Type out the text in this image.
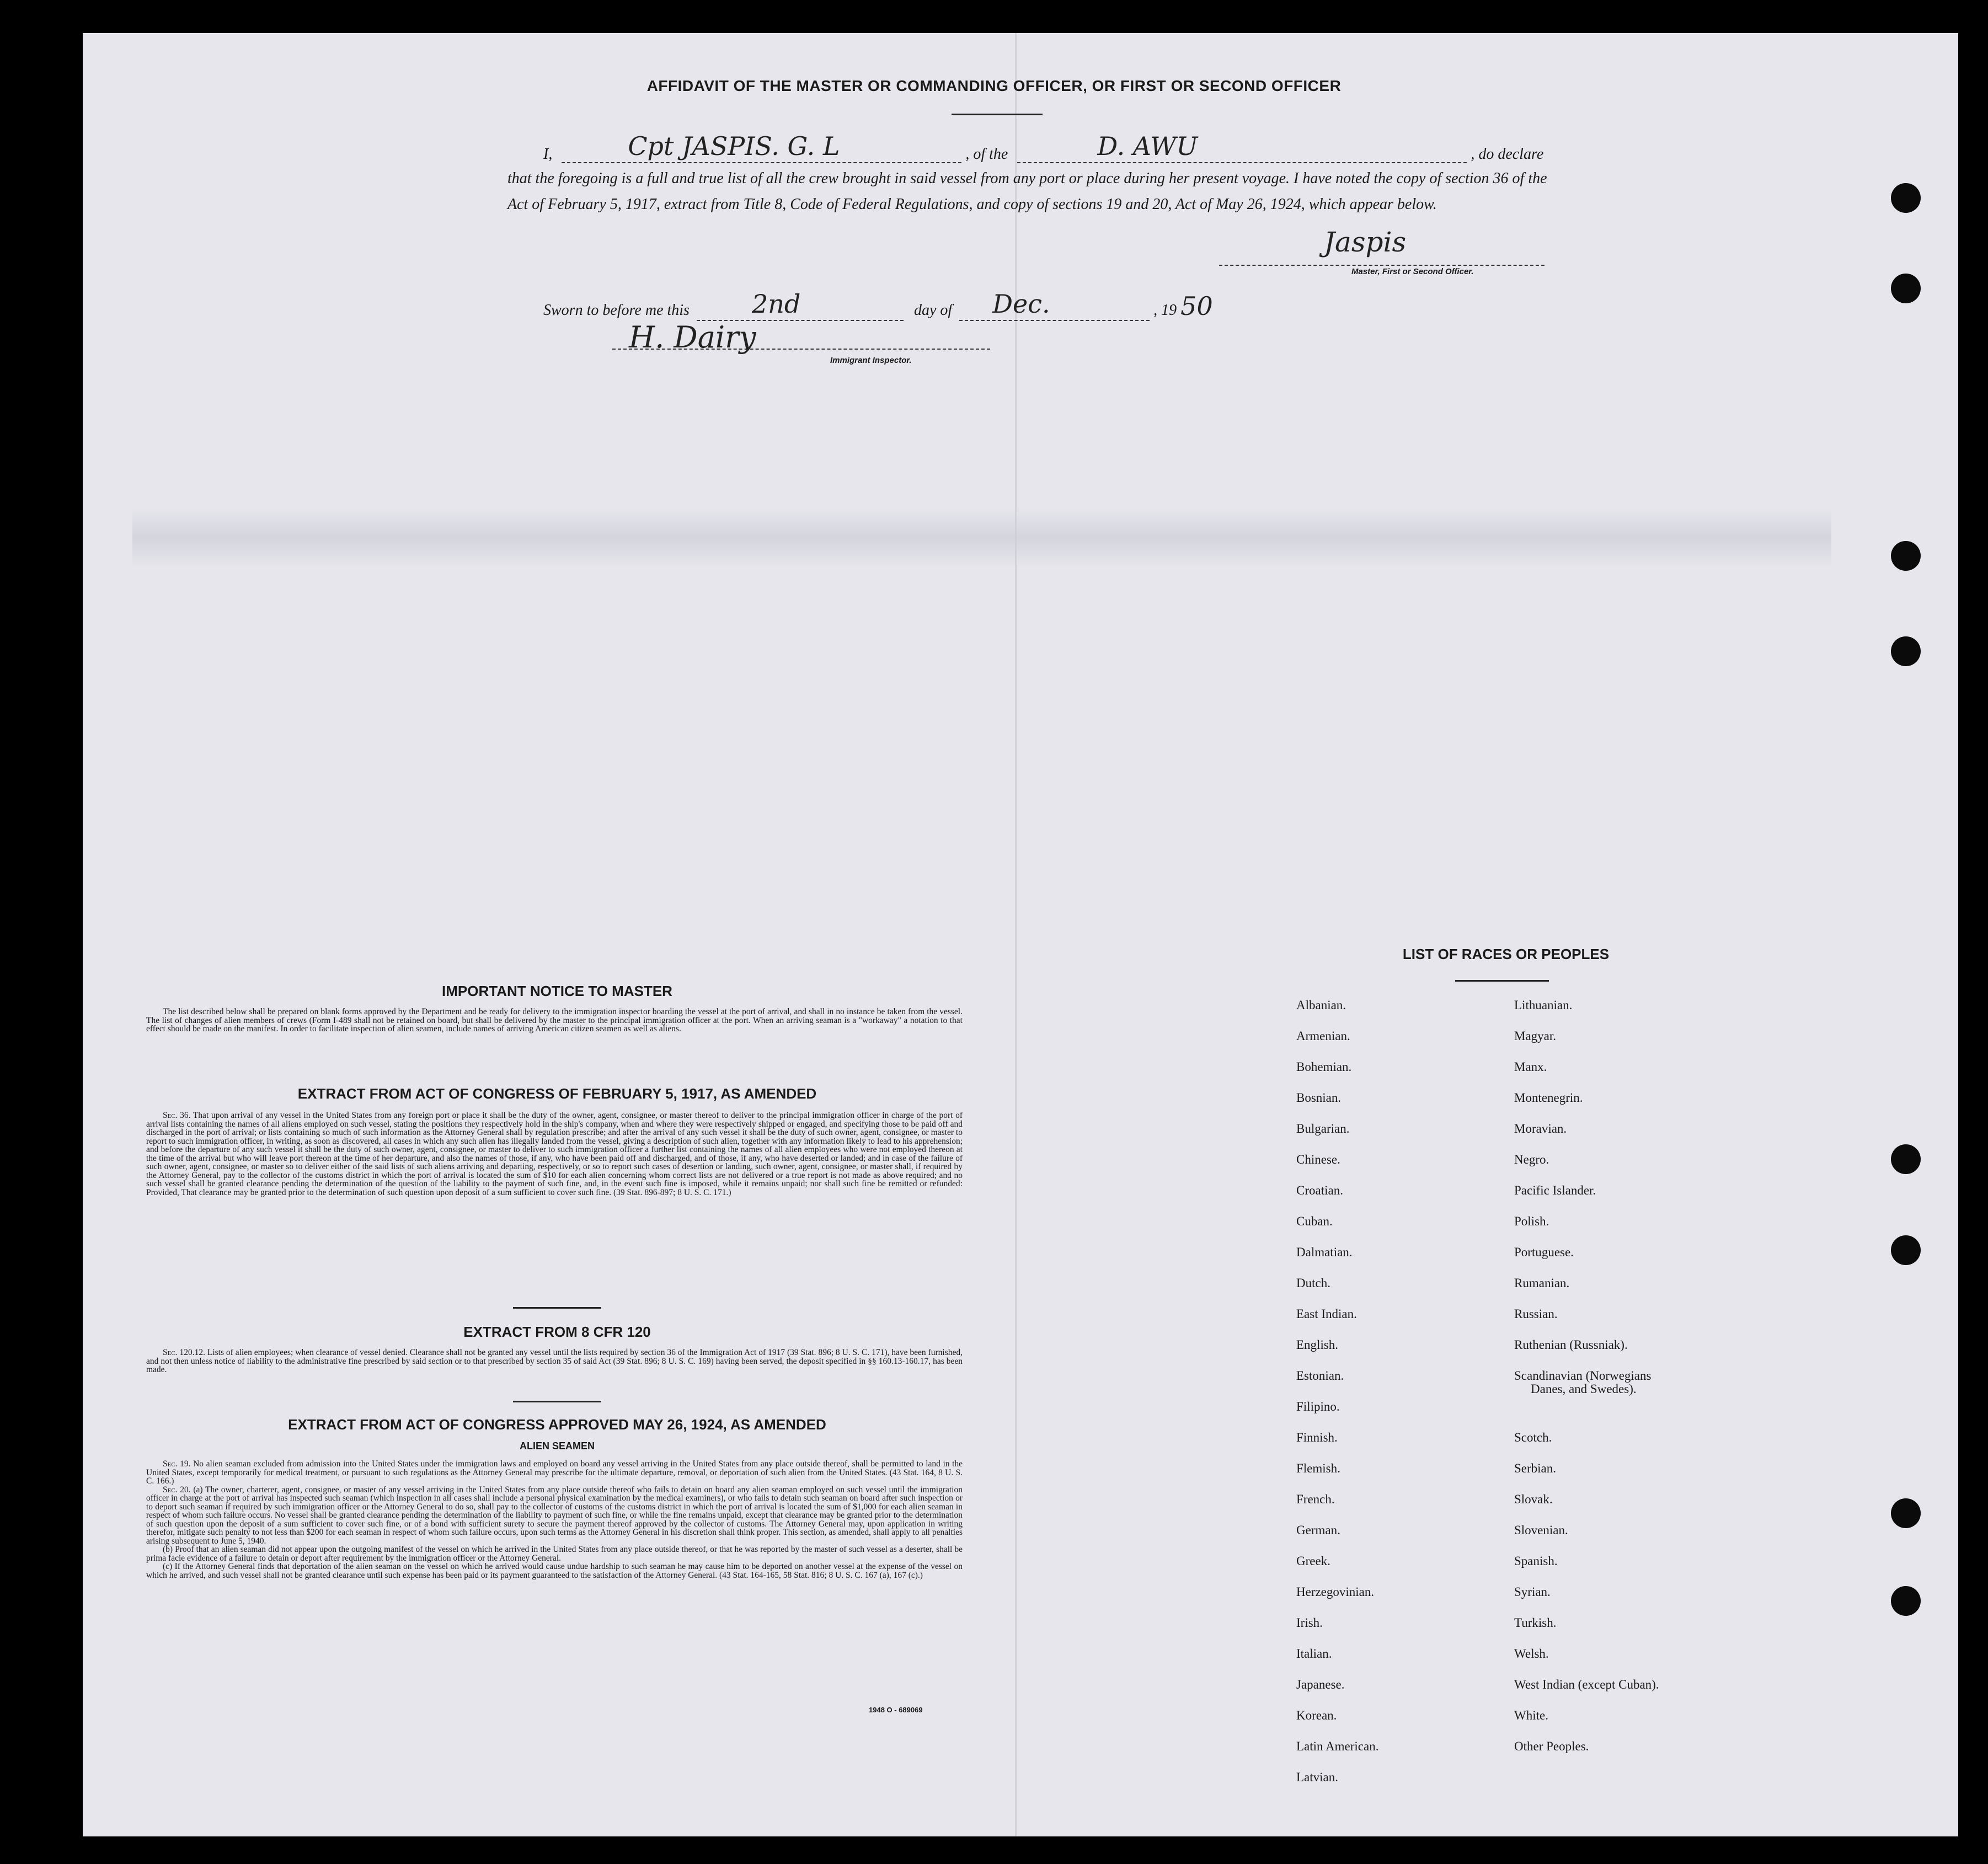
AFFIDAVIT OF THE MASTER OR COMMANDING OFFICER, OR FIRST OR SECOND OFFICER
I,	Cpt JASPIS. G. L	, of the	D. AWU	, do declare
that the foregoing is a full and true list of all the crew brought in said vessel from any port or place during her present voyage. I have noted the copy of section 36 of the Act of February 5, 1917, extract from Title 8, Code of Federal Regulations, and copy of sections 19 and 20, Act of May 26, 1924, which appear below.
Jaspis
Master, First or Second Officer.
Sworn to before me this 2nd	day of Dec.	, 19 50
H. Dairy
Immigrant Inspector.
IMPORTANT NOTICE TO MASTER

The list described below shall be prepared on blank forms approved by the Department and be ready for delivery to the immigration inspector boarding the vessel at the port of arrival, and shall in no instance be taken from the vessel. The list of changes of alien members of crews (Form I-489 shall not be retained on board, but shall be delivered by the master to the principal immigration officer at the port. When an arriving seaman is a "workaway" a notation to that effect should be made on the manifest. In order to facilitate inspection of alien seamen, include names of arriving American citizen seamen as well as aliens.

EXTRACT FROM ACT OF CONGRESS OF FEBRUARY 5, 1917, AS AMENDED

Sec. 36. That upon arrival of any vessel in the United States from any foreign port or place it shall be the duty of the owner, agent, consignee, or master thereof to deliver to the principal immigration officer in charge of the port of arrival lists containing the names of all aliens employed on such vessel, stating the positions they respectively hold in the ship's company, when and where they were respectively shipped or engaged, and specifying those to be paid off and discharged in the port of arrival; or lists containing so much of such information as the Attorney General shall by regulation prescribe; and after the arrival of any such vessel it shall be the duty of such owner, agent, consignee, or master to report to such immigration officer, in writing, as soon as discovered, all cases in which any such alien has illegally landed from the vessel, giving a description of such alien, together with any information likely to lead to his apprehension; and before the departure of any such vessel it shall be the duty of such owner, agent, consignee, or master to deliver to such immigration officer a further list containing the names of all alien employees who were not employed thereon at the time of the arrival but who will leave port thereon at the time of her departure, and also the names of those, if any, who have been paid off and discharged, and of those, if any, who have deserted or landed; and in case of the failure of such owner, agent, consignee, or master so to deliver either of the said lists of such aliens arriving and departing, respectively, or so to report such cases of desertion or landing, such owner, agent, consignee, or master shall, if required by the Attorney General, pay to the collector of the customs district in which the port of arrival is located the sum of $10 for each alien concerning whom correct lists are not delivered or a true report is not made as above required; and no such vessel shall be granted clearance pending the determination of the question of the liability to the payment of such fine, and, in the event such fine is imposed, while it remains unpaid; nor shall such fine be remitted or refunded: Provided, That clearance may be granted prior to the determination of such question upon deposit of a sum sufficient to cover such fine. (39 Stat. 896-897; 8 U. S. C. 171.)

EXTRACT FROM 8 CFR 120

Sec. 120.12. Lists of alien employees; when clearance of vessel denied. Clearance shall not be granted any vessel until the lists required by section 36 of the Immigration Act of 1917 (39 Stat. 896; 8 U. S. C. 171), have been furnished, and not then unless notice of liability to the administrative fine prescribed by said section or to that prescribed by section 35 of said Act (39 Stat. 896; 8 U. S. C. 169) having been served, the deposit specified in §§ 160.13-160.17, has been made.

EXTRACT FROM ACT OF CONGRESS APPROVED MAY 26, 1924, AS AMENDED
ALIEN SEAMEN

Sec. 19. No alien seaman excluded from admission into the United States under the immigration laws and employed on board any vessel arriving in the United States from any place outside thereof, shall be permitted to land in the United States, except temporarily for medical treatment, or pursuant to such regulations as the Attorney General may prescribe for the ultimate departure, removal, or deportation of such alien from the United States. (43 Stat. 164, 8 U. S. C. 166.)

Sec. 20. (a) The owner, charterer, agent, consignee, or master of any vessel arriving in the United States from any place outside thereof who fails to detain on board any alien seaman employed on such vessel until the immigration officer in charge at the port of arrival has inspected such seaman (which inspection in all cases shall include a personal physical examination by the medical examiners), or who fails to detain such seaman on board after such inspection or to deport such seaman if required by such immigration officer or the Attorney General to do so, shall pay to the collector of customs of the customs district in which the port of arrival is located the sum of $1,000 for each alien seaman in respect of whom such failure occurs. No vessel shall be granted clearance pending the determination of the liability to payment of such fine, or while the fine remains unpaid, except that clearance may be granted prior to the determination of such question upon the deposit of a sum sufficient to cover such fine, or of a bond with sufficient surety to secure the payment thereof approved by the collector of customs. The Attorney General may, upon application in writing therefor, mitigate such penalty to not less than $200 for each seaman in respect of whom such failure occurs, upon such terms as the Attorney General in his discretion shall think proper. This section, as amended, shall apply to all penalties arising subsequent to June 5, 1940.

(b) Proof that an alien seaman did not appear upon the outgoing manifest of the vessel on which he arrived in the United States from any place outside thereof, or that he was reported by the master of such vessel as a deserter, shall be prima facie evidence of a failure to detain or deport after requirement by the immigration officer or the Attorney General.

(c) If the Attorney General finds that deportation of the alien seaman on the vessel on which he arrived would cause undue hardship to such seaman he may cause him to be deported on another vessel at the expense of the vessel on which he arrived, and such vessel shall not be granted clearance until such expense has been paid or its payment guaranteed to the satisfaction of the Attorney General. (43 Stat. 164-165, 58 Stat. 816; 8 U. S. C. 167 (a), 167 (c).)

1948 O - 689069
LIST OF RACES OR PEOPLES
Albanian.
Armenian.
Bohemian.
Bosnian.
Bulgarian.
Chinese.
Croatian.
Cuban.
Dalmatian.
Dutch.
East Indian.
English.
Estonian.
Filipino.
Finnish.
Flemish.
French.
German.
Greek.
Herzegovinian.
Irish.
Italian.
Japanese.
Korean.
Latin American.
Latvian.
Lithuanian.
Magyar.
Manx.
Montenegrin.
Moravian.
Negro.
Pacific Islander.
Polish.
Portuguese.
Rumanian.
Russian.
Ruthenian (Russniak).
Scandinavian (Norwegians
Danes, and Swedes).
Scotch.
Serbian.
Slovak.
Slovenian.
Spanish.
Syrian.
Turkish.
Welsh.
West Indian (except Cuban).
White.
Other Peoples.
